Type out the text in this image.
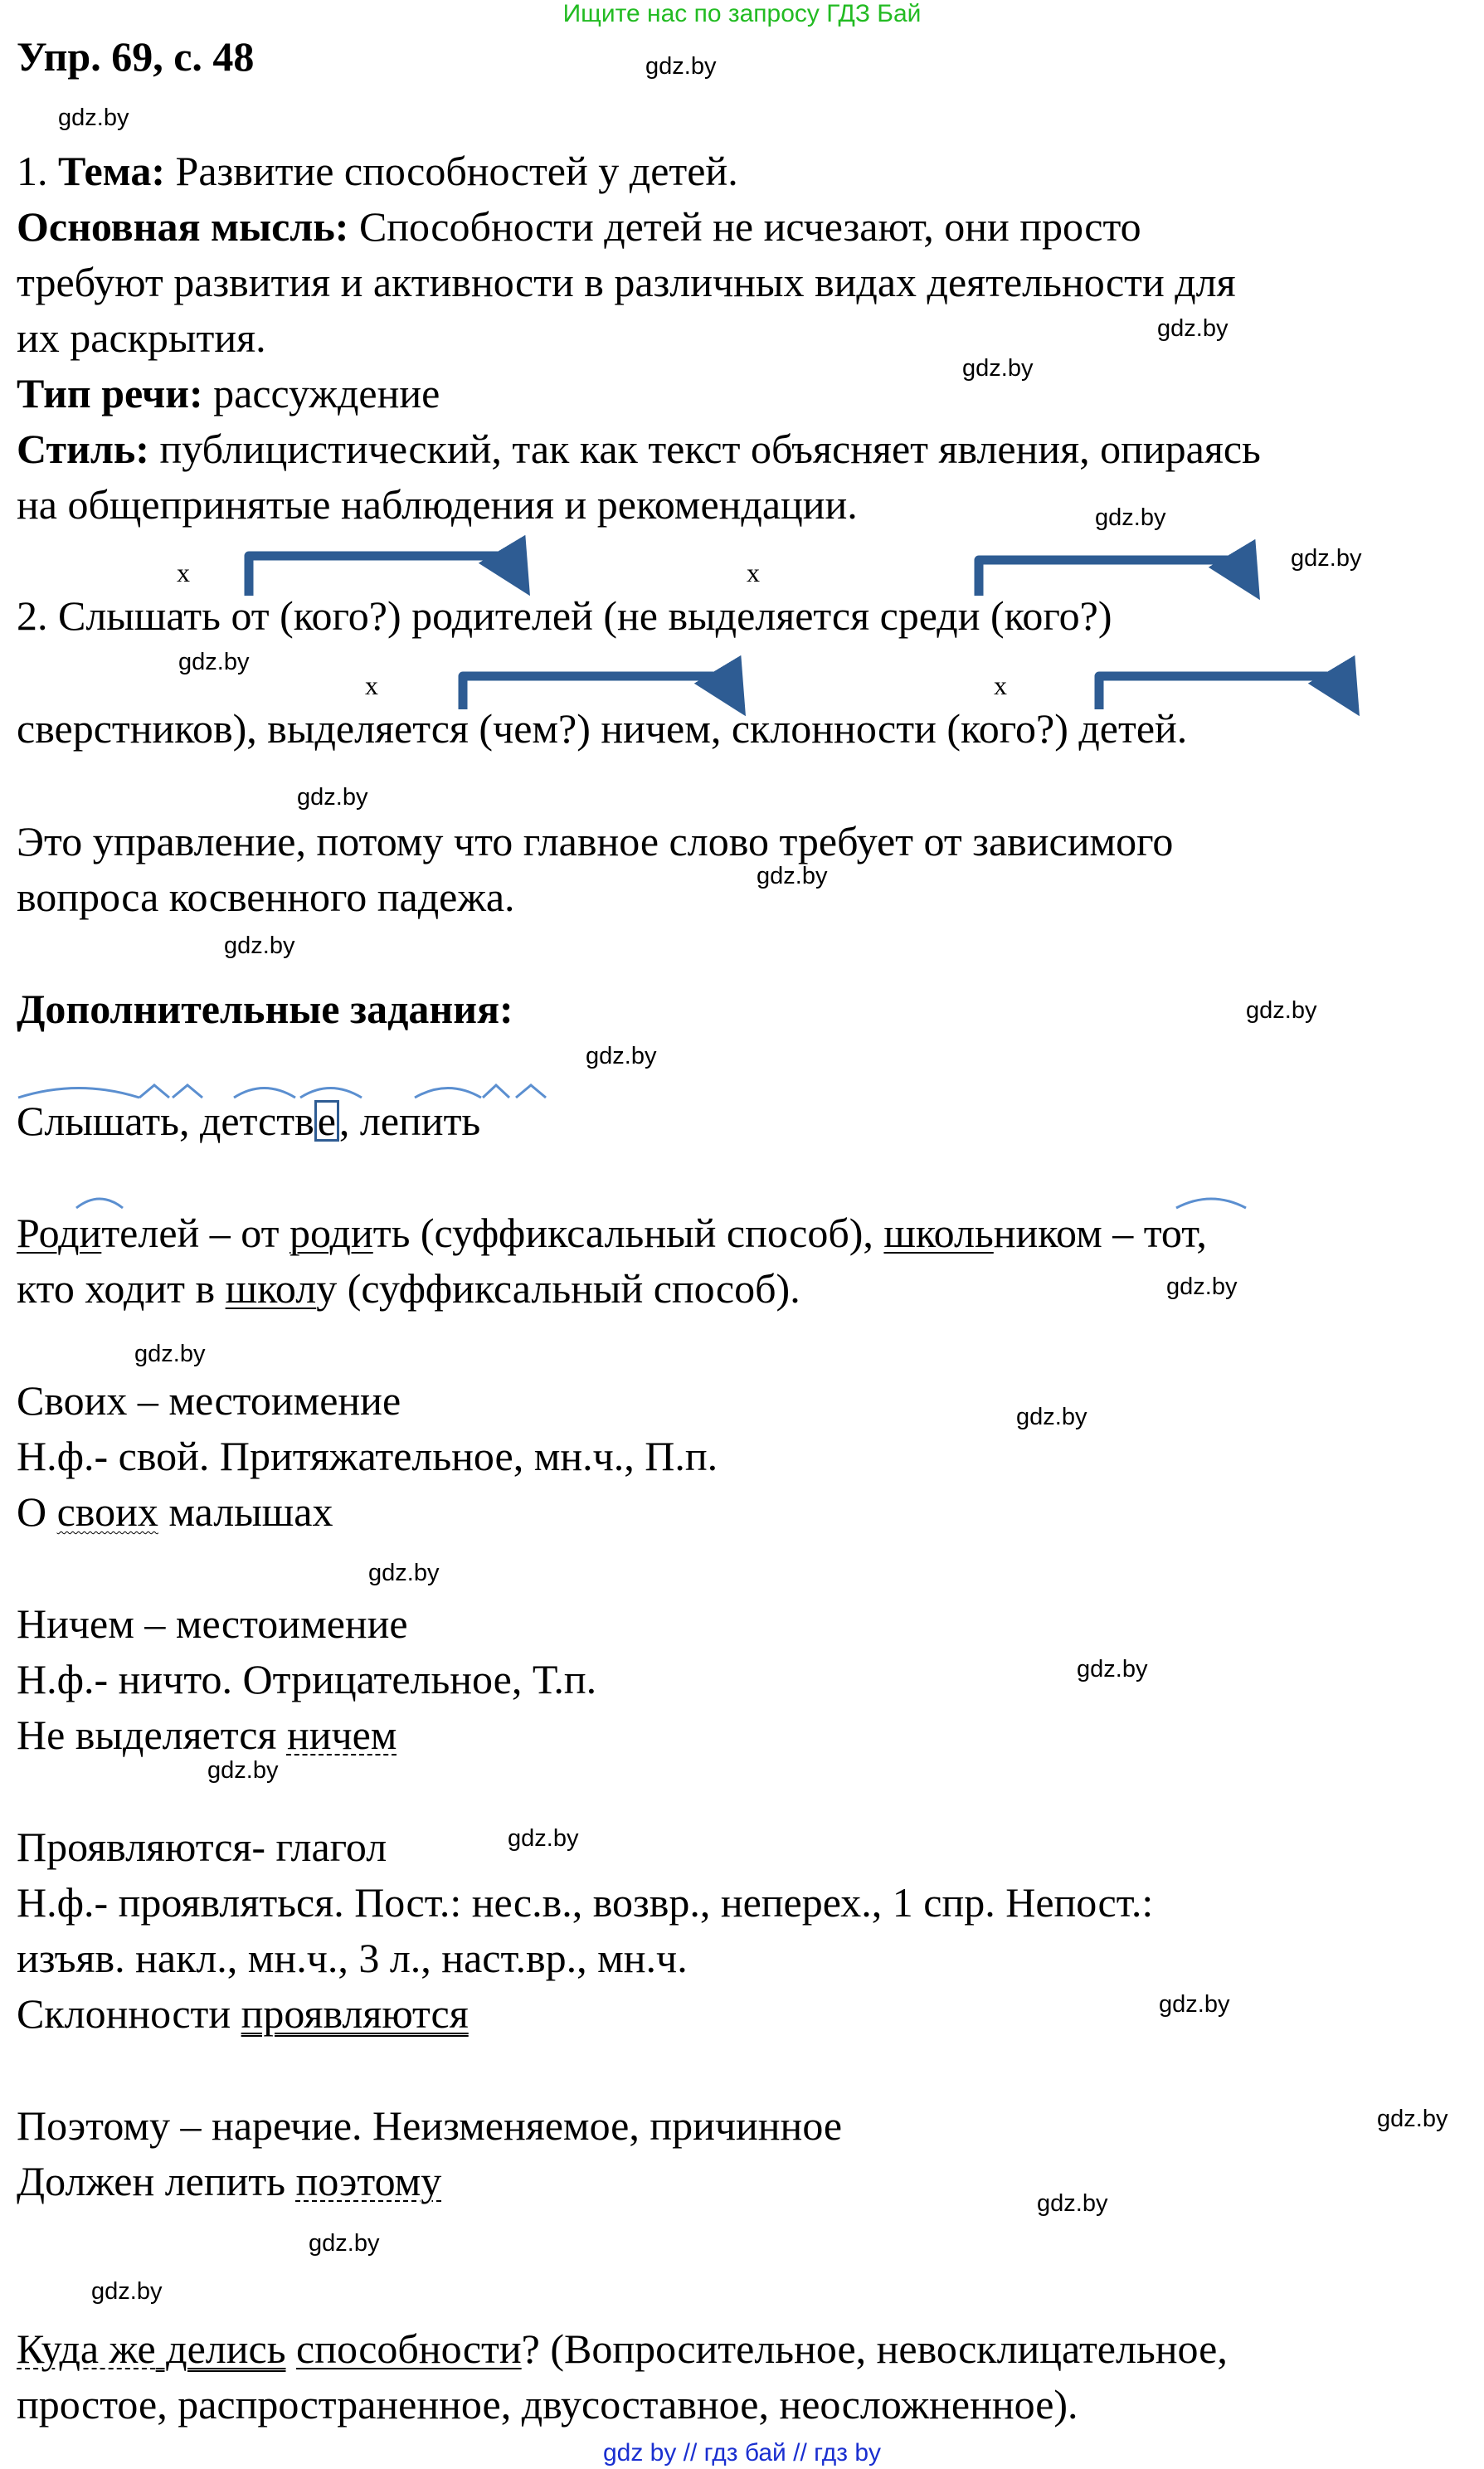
Ищите нас по запросу ГДЗ Бай
Упр. 69, с. 48
1. Тема: Развитие способностей у детей.
Основная мысль: Способности детей не исчезают, они просто
требуют развития и активности в различных видах деятельности для
их раскрытия.
Тип речи: рассуждение
Стиль: публицистический, так как текст объясняет явления, опираясь
на общепринятые наблюдения и рекомендации.
x	x
x	x
2. Слышать от (кого?) родителей (не выделяется среди (кого?)
сверстников), выделяется (чем?) ничем, склонности (кого?) детей.
Это управление, потому что главное слово требует от зависимого
вопроса косвенного падежа.
Дополнительные задания:
Слышать, детстве, лепить
Родителей – от родить (суффиксальный способ), школьником – тот,
кто ходит в школу (суффиксальный способ).
Своих – местоимение
Н.ф.- свой. Притяжательное, мн.ч., П.п.
О своих малышах
Ничем – местоимение
Н.ф.- ничто. Отрицательное, Т.п.
Не выделяется ничем
Проявляются- глагол
Н.ф.- проявляться. Пост.: нес.в., возвр., неперех., 1 спр. Непост.:
изъяв. накл., мн.ч., 3 л., наст.вр., мн.ч.
Склонности проявляются
Поэтому – наречие. Неизменяемое, причинное
Должен лепить поэтому
Куда же делись способности? (Вопросительное, невосклицательное,
простое, распространенное, двусоставное, неосложненное).
gdz.by
gdz.by
gdz.by
gdz.by
gdz.by
gdz.by
gdz.by
gdz.by
gdz.by
gdz.by
gdz.by
gdz.by
gdz.by
gdz.by
gdz.by
gdz.by
gdz.by
gdz.by
gdz.by
gdz.by
gdz.by
gdz.by
gdz.by
gdz.by
gdz by // гдз бай // гдз by
